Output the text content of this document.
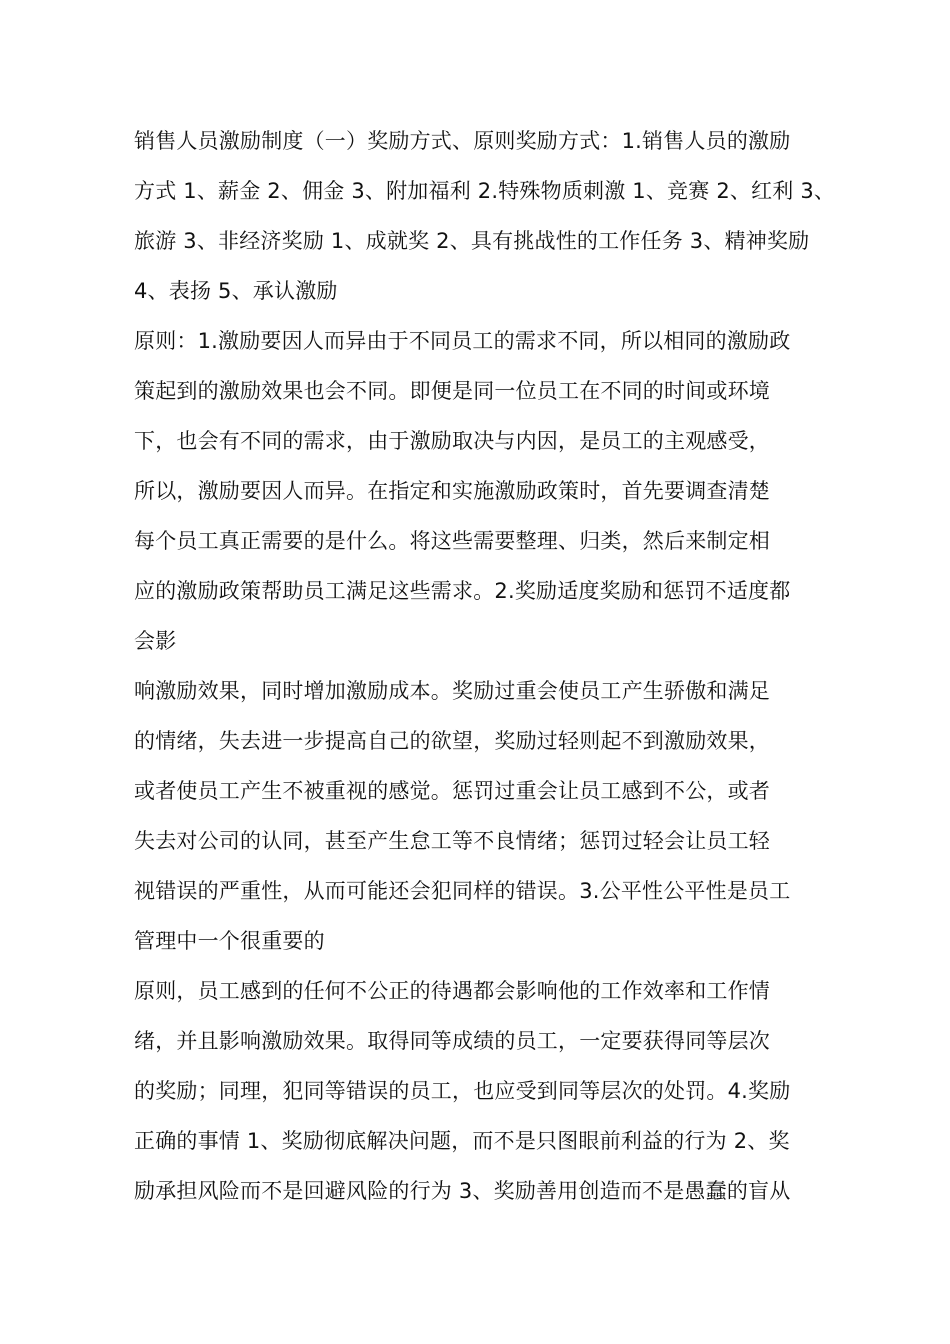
销售人员激励制度（一）奖励方式、原则奖励方式：1.销售人员的激励
方式 1、薪金 2、佣金 3、附加福利 2.特殊物质刺激 1、竞赛 2、红利 3、
旅游 3、非经济奖励 1、成就奖 2、具有挑战性的工作任务 3、精神奖励
4、表扬 5、承认激励
原则：1.激励要因人而异由于不同员工的需求不同，所以相同的激励政
策起到的激励效果也会不同。即便是同一位员工在不同的时间或环境
下，也会有不同的需求，由于激励取决与内因，是员工的主观感受，
所以，激励要因人而异。在指定和实施激励政策时，首先要调查清楚
每个员工真正需要的是什么。将这些需要整理、归类，然后来制定相
应的激励政策帮助员工满足这些需求。2.奖励适度奖励和惩罚不适度都
会影
响激励效果，同时增加激励成本。奖励过重会使员工产生骄傲和满足
的情绪，失去进一步提高自己的欲望，奖励过轻则起不到激励效果，
或者使员工产生不被重视的感觉。惩罚过重会让员工感到不公，或者
失去对公司的认同，甚至产生怠工等不良情绪；惩罚过轻会让员工轻
视错误的严重性，从而可能还会犯同样的错误。3.公平性公平性是员工
管理中一个很重要的
原则，员工感到的任何不公正的待遇都会影响他的工作效率和工作情
绪，并且影响激励效果。取得同等成绩的员工，一定要获得同等层次
的奖励；同理，犯同等错误的员工，也应受到同等层次的处罚。4.奖励
正确的事情 1、奖励彻底解决问题，而不是只图眼前利益的行为 2、奖
励承担风险而不是回避风险的行为 3、奖励善用创造而不是愚蠢的盲从
